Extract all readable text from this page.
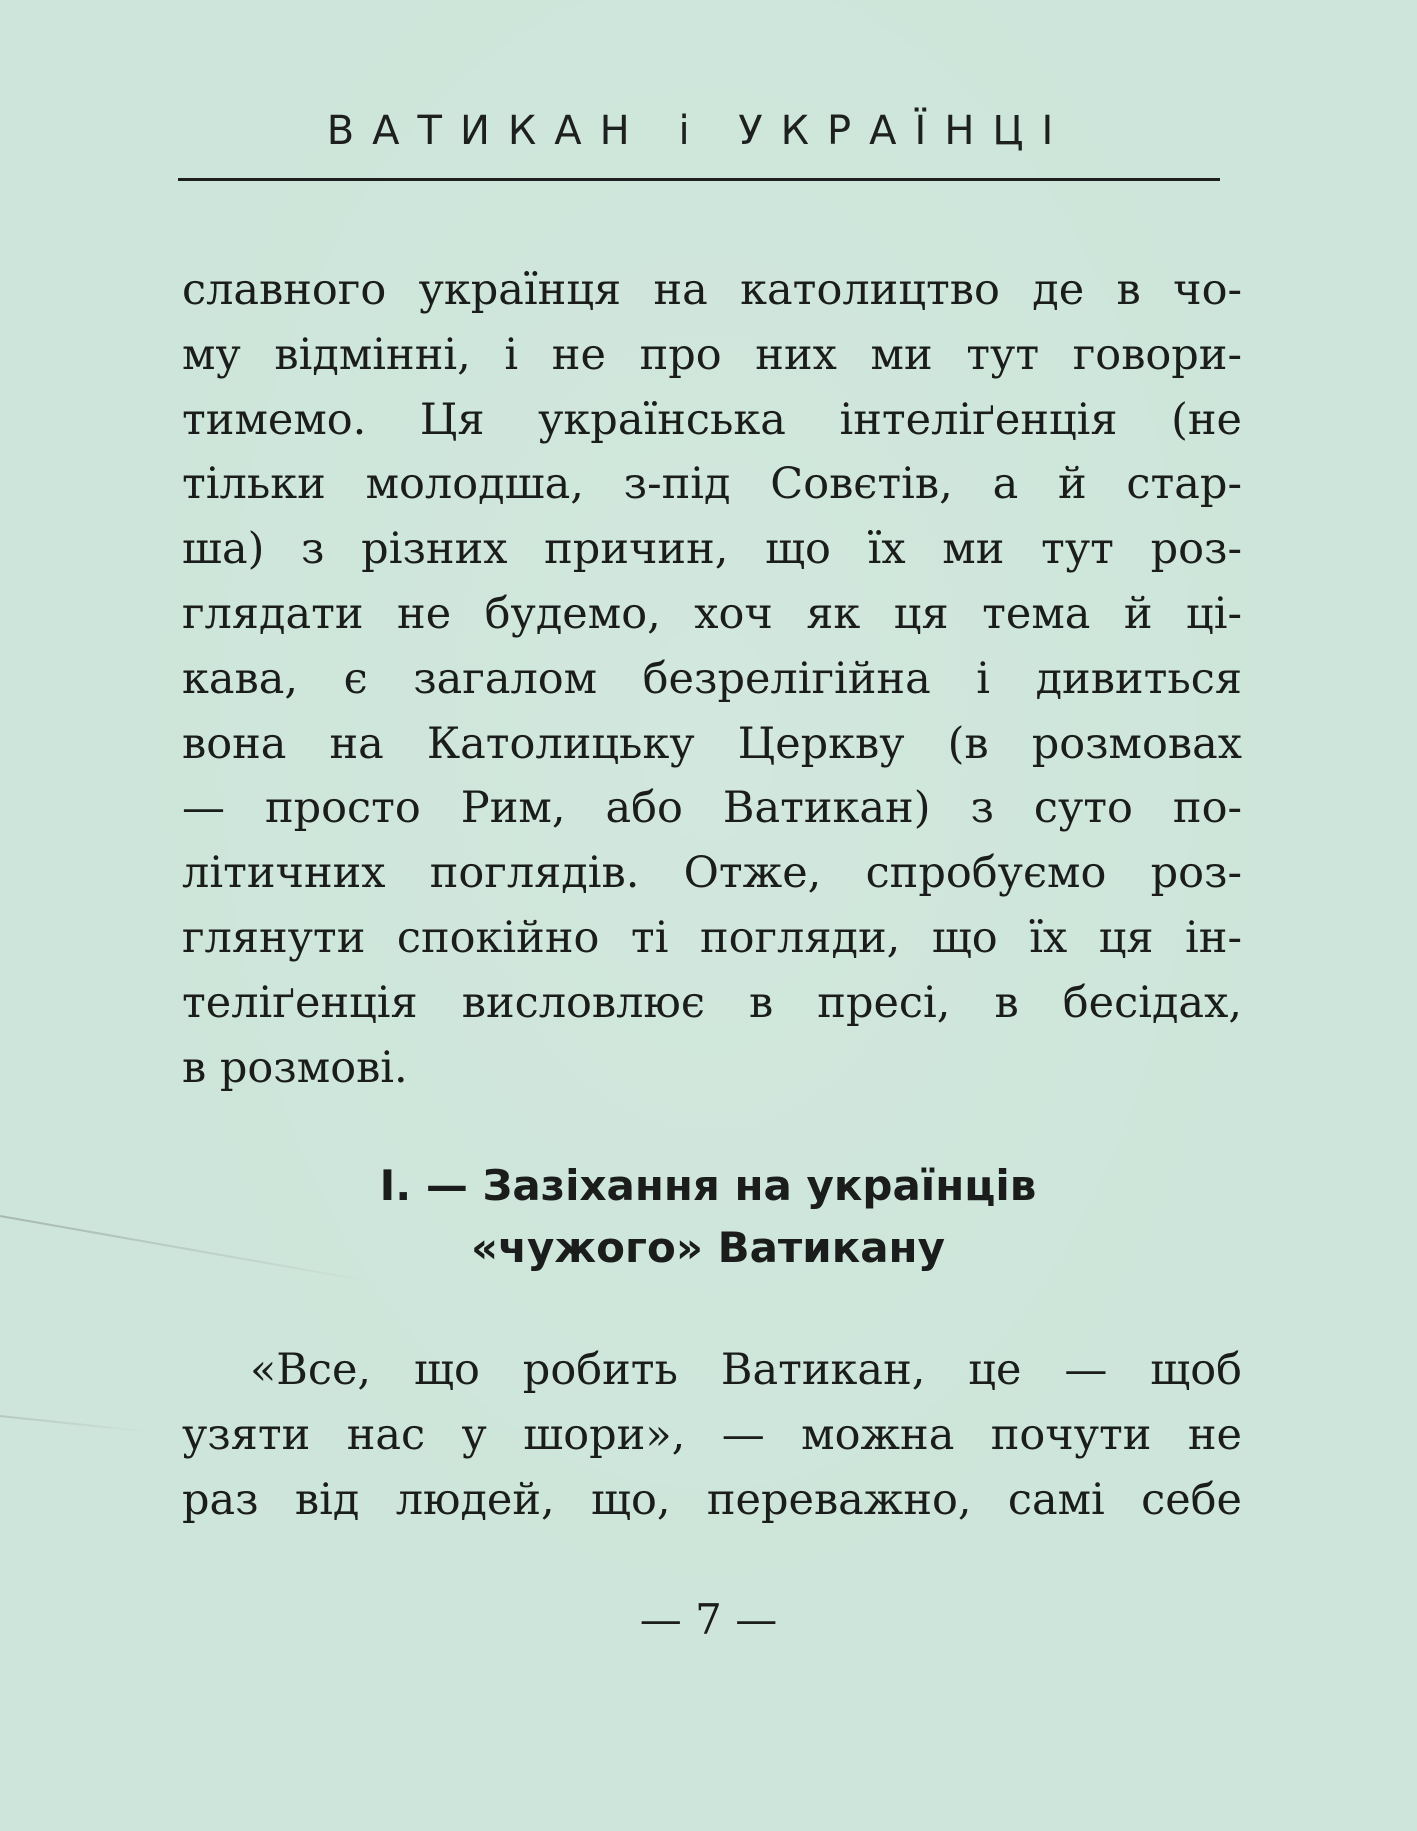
ВАТИКАН і УКРАЇНЦІ
славного українця на католицтво де в чо-
му відмінні, і не про них ми тут говори-
тимемо. Ця українська інтеліґенція (не
тільки молодша, з-під Совєтів, а й стар-
ша) з різних причин, що їх ми тут роз-
глядати не будемо, хоч як ця тема й ці-
кава, є загалом безрелігійна і дивиться
вона на Католицьку Церкву (в розмовах
— просто Рим, або Ватикан) з суто по-
літичних поглядів. Отже, спробуємо роз-
глянути спокійно ті погляди, що їх ця ін-
теліґенція висловлює в пресі, в бесідах,
в розмові.
І. — Зазіхання на українців
«чужого» Ватикану
«Все, що робить Ватикан, це — щоб
узяти нас у шори», — можна почути не
раз від людей, що, переважно, самі себе
— 7 —
